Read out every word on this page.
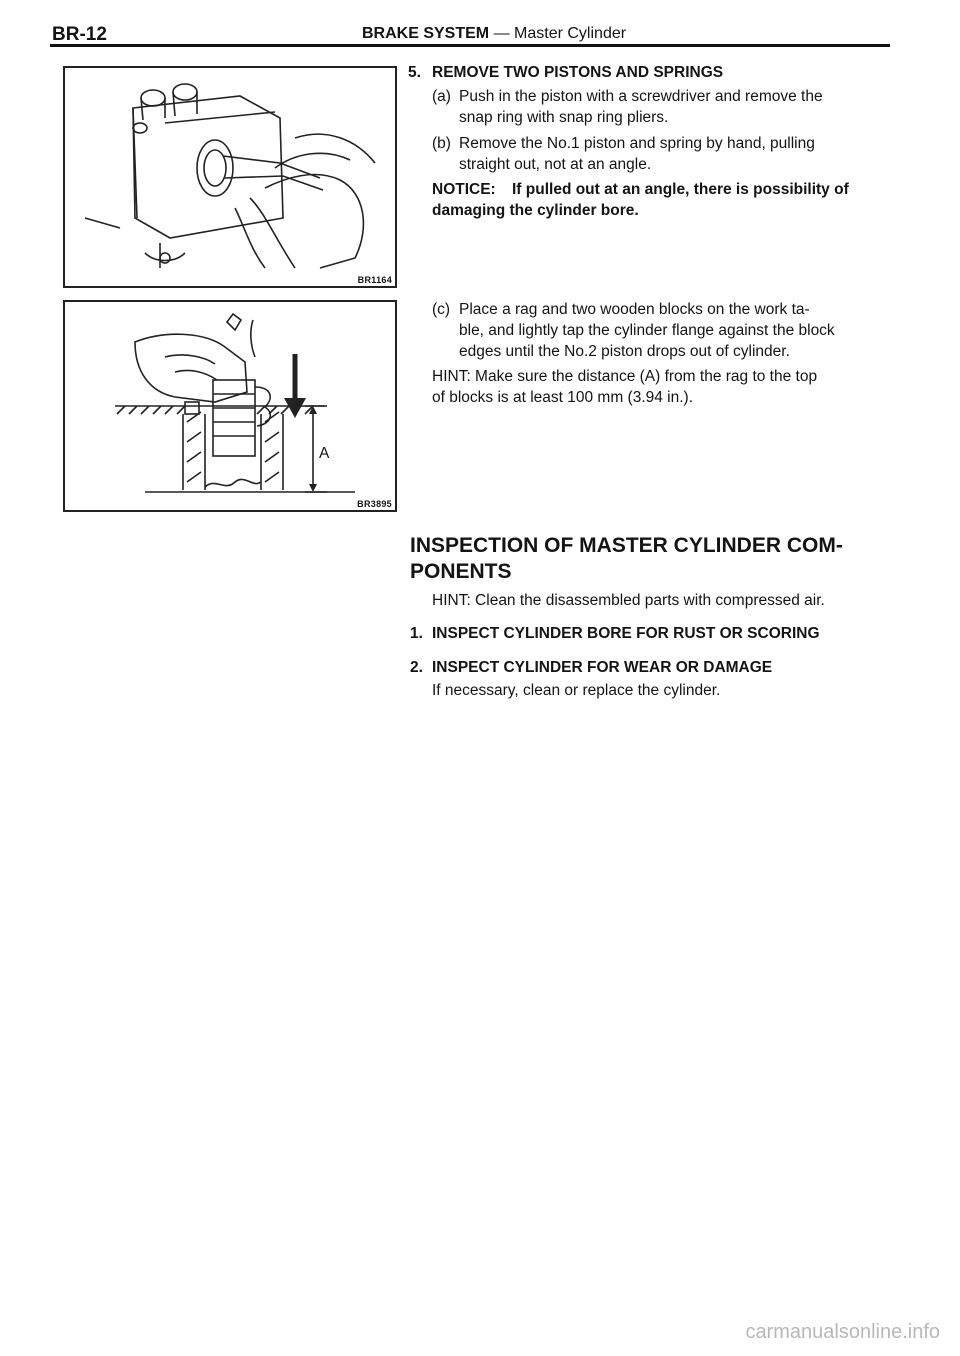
BR-12	BRAKE SYSTEM — Master Cylinder
BR1164
A
BR3895
5. REMOVE TWO PISTONS AND SPRINGS
(a) Push in the piston with a screwdriver and remove the
snap ring with snap ring pliers.
(b) Remove the No.1 piston and spring by hand, pulling
straight out, not at an angle.
NOTICE: If pulled out at an angle, there is possibility of
damaging the cylinder bore.
(c) Place a rag and two wooden blocks on the work ta-
ble, and lightly tap the cylinder flange against the block
edges until the No.2 piston drops out of cylinder.
HINT: Make sure the distance (A) from the rag to the top
of blocks is at least 100 mm (3.94 in.).
INSPECTION OF MASTER CYLINDER COM-
PONENTS
HINT: Clean the disassembled parts with compressed air.
1. INSPECT CYLINDER BORE FOR RUST OR SCORING
2. INSPECT CYLINDER FOR WEAR OR DAMAGE
If necessary, clean or replace the cylinder.
carmanualsonline.info
